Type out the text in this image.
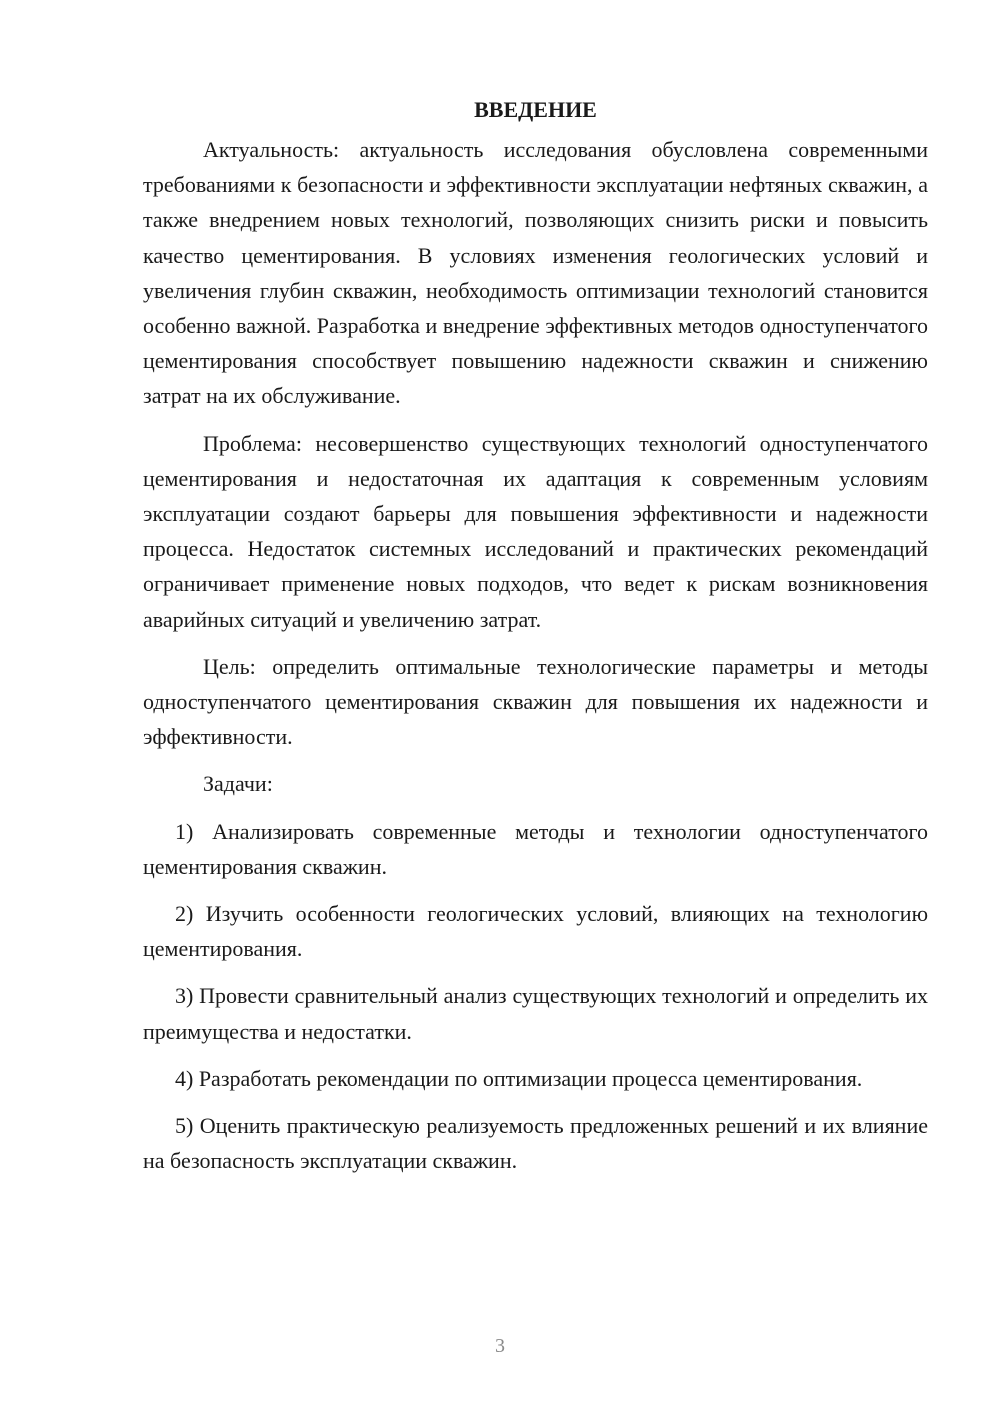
ВВЕДЕНИЕ

Актуальность: актуальность исследования обусловлена современными требованиями к безопасности и эффективности эксплуатации нефтяных скважин, а также внедрением новых технологий, позволяющих снизить риски и повысить качество цементирования. В условиях изменения геологических условий и увеличения глубин скважин, необходимость оптимизации технологий становится особенно важной. Разработка и внедрение эффективных методов одноступенчатого цементирования способствует повышению надежности скважин и снижению затрат на их обслуживание.

Проблема: несовершенство существующих технологий одноступенчатого цементирования и недостаточная их адаптация к современным условиям эксплуатации создают барьеры для повышения эффективности и надежности процесса. Недостаток системных исследований и практических рекомендаций ограничивает применение новых подходов, что ведет к рискам возникновения аварийных ситуаций и увеличению затрат.

Цель: определить оптимальные технологические параметры и методы одноступенчатого цементирования скважин для повышения их надежности и эффективности.

Задачи:

1) Анализировать современные методы и технологии одноступенчатого цементирования скважин.

2) Изучить особенности геологических условий, влияющих на технологию цементирования.

3) Провести сравнительный анализ существующих технологий и определить их преимущества и недостатки.

4) Разработать рекомендации по оптимизации процесса цементирования.

5) Оценить практическую реализуемость предложенных решений и их влияние на безопасность эксплуатации скважин.

3
